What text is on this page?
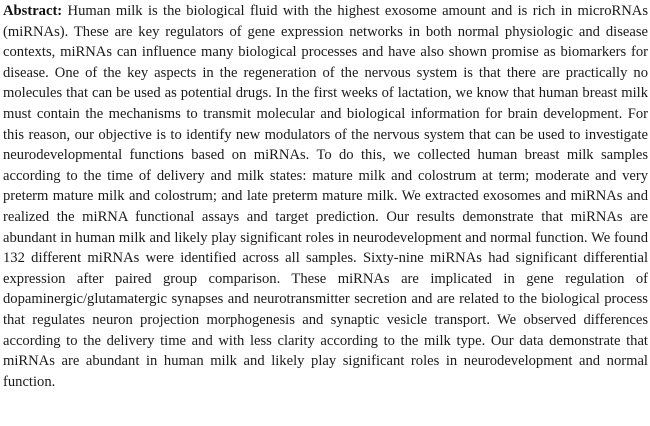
Abstract: Human milk is the biological fluid with the highest exosome amount and is rich in microRNAs (miRNAs). These are key regulators of gene expression networks in both normal physiologic and disease contexts, miRNAs can influence many biological processes and have also shown promise as biomarkers for disease. One of the key aspects in the regeneration of the nervous system is that there are practically no molecules that can be used as potential drugs. In the first weeks of lactation, we know that human breast milk must contain the mechanisms to transmit molecular and biological information for brain development. For this reason, our objective is to identify new modulators of the nervous system that can be used to investigate neurodevelopmental functions based on miRNAs. To do this, we collected human breast milk samples according to the time of delivery and milk states: mature milk and colostrum at term; moderate and very preterm mature milk and colostrum; and late preterm mature milk. We extracted exosomes and miRNAs and realized the miRNA functional assays and target prediction. Our results demonstrate that miRNAs are abundant in human milk and likely play significant roles in neurodevelopment and normal function. We found 132 different miRNAs were identified across all samples. Sixty-nine miRNAs had significant differential expression after paired group comparison. These miRNAs are implicated in gene regulation of dopaminergic/glutamatergic synapses and neurotransmitter secretion and are related to the biological process that regulates neuron projection morphogenesis and synaptic vesicle transport. We observed differences according to the delivery time and with less clarity according to the milk type. Our data demonstrate that miRNAs are abundant in human milk and likely play significant roles in neurodevelopment and normal function.
